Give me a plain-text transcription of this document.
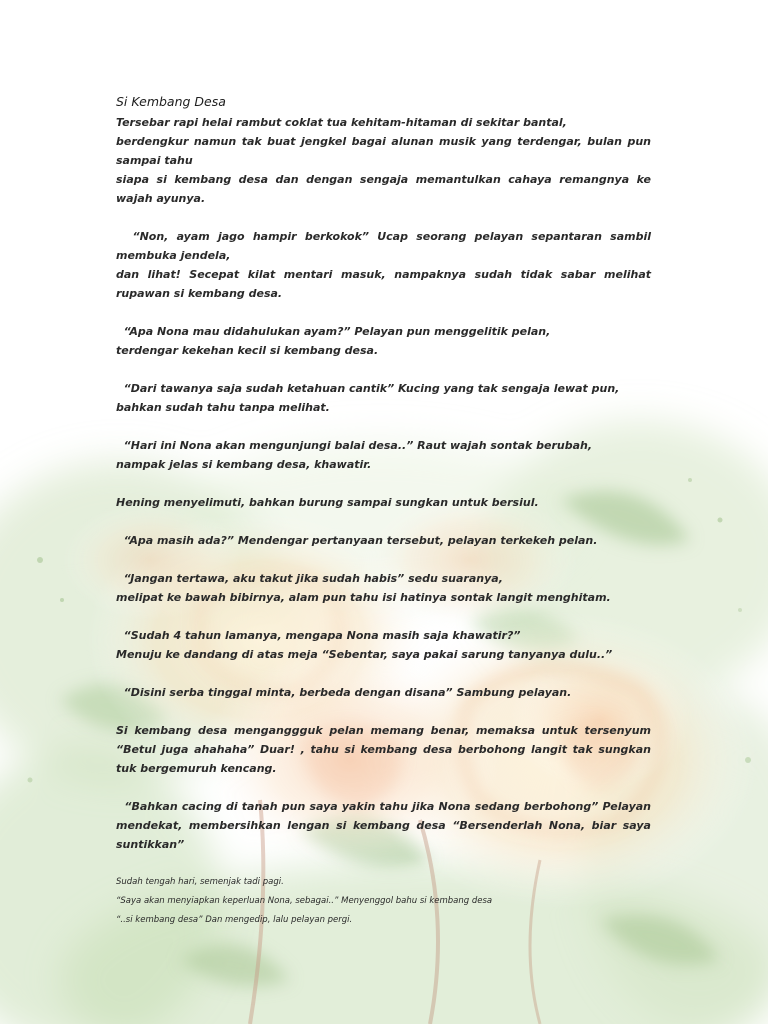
Si Kembang Desa
Tersebar rapi helai rambut coklat tua kehitam-hitaman di sekitar bantal,
berdengkur namun tak buat jengkel bagai alunan musik yang terdengar, bulan pun sampai tahu
siapa si kembang desa dan dengan sengaja memantulkan cahaya remangnya ke wajah ayunya.
“Non, ayam jago hampir berkokok” Ucap seorang pelayan sepantaran sambil membuka jendela,
dan lihat! Secepat kilat mentari masuk, nampaknya sudah tidak sabar melihat rupawan si kembang desa.
“Apa Nona mau didahulukan ayam?” Pelayan pun menggelitik pelan,
terdengar kekehan kecil si kembang desa.
“Dari tawanya saja sudah ketahuan cantik” Kucing yang tak sengaja lewat pun,
bahkan sudah tahu tanpa melihat.
“Hari ini Nona akan mengunjungi balai desa..” Raut wajah sontak berubah,
nampak jelas si kembang desa, khawatir.
Hening menyelimuti, bahkan burung sampai sungkan untuk bersiul.
“Apa masih ada?” Mendengar pertanyaan tersebut, pelayan terkekeh pelan.
“Jangan tertawa, aku takut jika sudah habis” sedu suaranya,
melipat ke bawah bibirnya, alam pun tahu isi hatinya sontak langit menghitam.
“Sudah 4 tahun lamanya, mengapa Nona masih saja khawatir?”
Menuju ke dandang di atas meja “Sebentar, saya pakai sarung tanyanya dulu..”
“Disini serba tinggal minta, berbeda dengan disana” Sambung pelayan.
Si kembang desa menganggguk pelan memang benar, memaksa untuk tersenyum “Betul juga ahahaha” Duar! , tahu si kembang desa berbohong langit tak sungkan tuk bergemuruh kencang.
“Bahkan cacing di tanah pun saya yakin tahu jika Nona sedang berbohong” Pelayan mendekat, membersihkan lengan si kembang desa “Bersenderlah Nona, biar saya suntikkan”
Sudah tengah hari, semenjak tadi pagi.
“Saya akan menyiapkan keperluan Nona, sebagai..” Menyenggol bahu si kembang desa
“..si kembang desa” Dan mengedip, lalu pelayan pergi.
